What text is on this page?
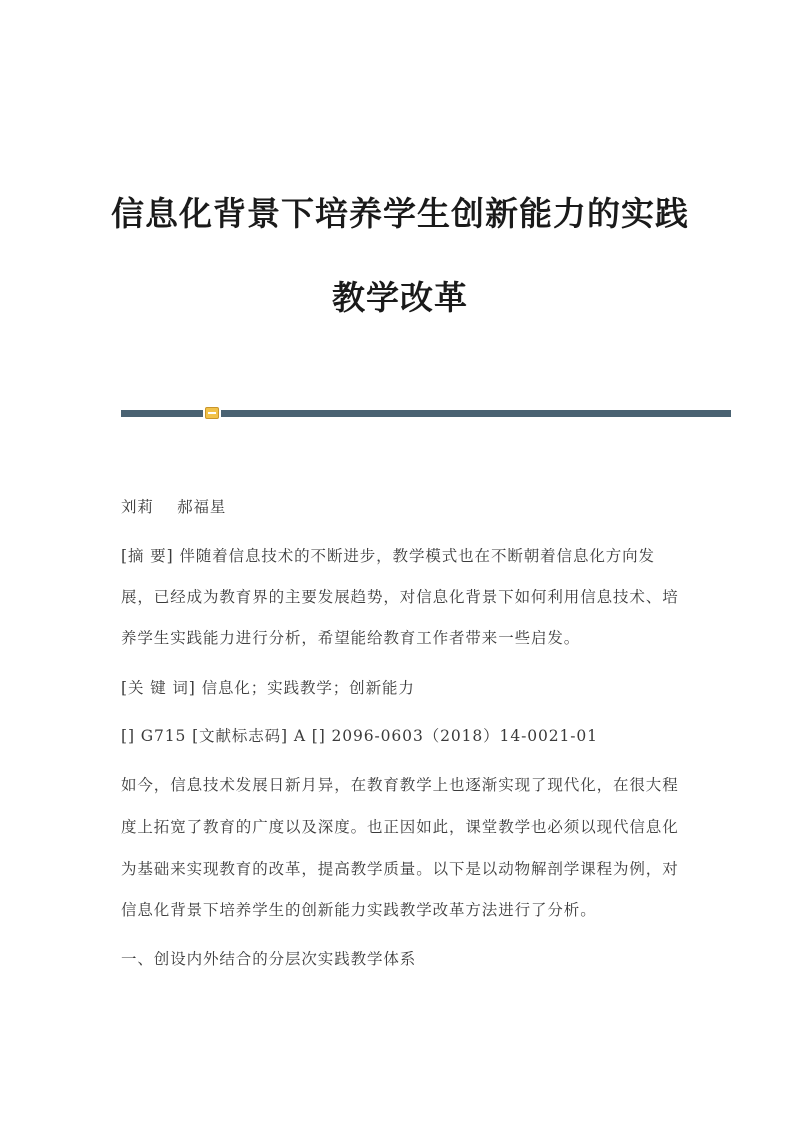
信息化背景下培养学生创新能力的实践
教学改革
刘莉    郝福星
[摘 要] 伴随着信息技术的不断进步，教学模式也在不断朝着信息化方向发
展，已经成为教育界的主要发展趋势，对信息化背景下如何利用信息技术、培
养学生实践能力进行分析，希望能给教育工作者带来一些启发。
[关 键 词] 信息化；实践教学；创新能力
[] G715 [文献标志码] A [] 2096-0603（2018）14-0021-01
如今，信息技术发展日新月异，在教育教学上也逐渐实现了现代化，在很大程
度上拓宽了教育的广度以及深度。也正因如此，课堂教学也必须以现代信息化
为基础来实现教育的改革，提高教学质量。以下是以动物解剖学课程为例，对
信息化背景下培养学生的创新能力实践教学改革方法进行了分析。
一、创设内外结合的分层次实践教学体系
